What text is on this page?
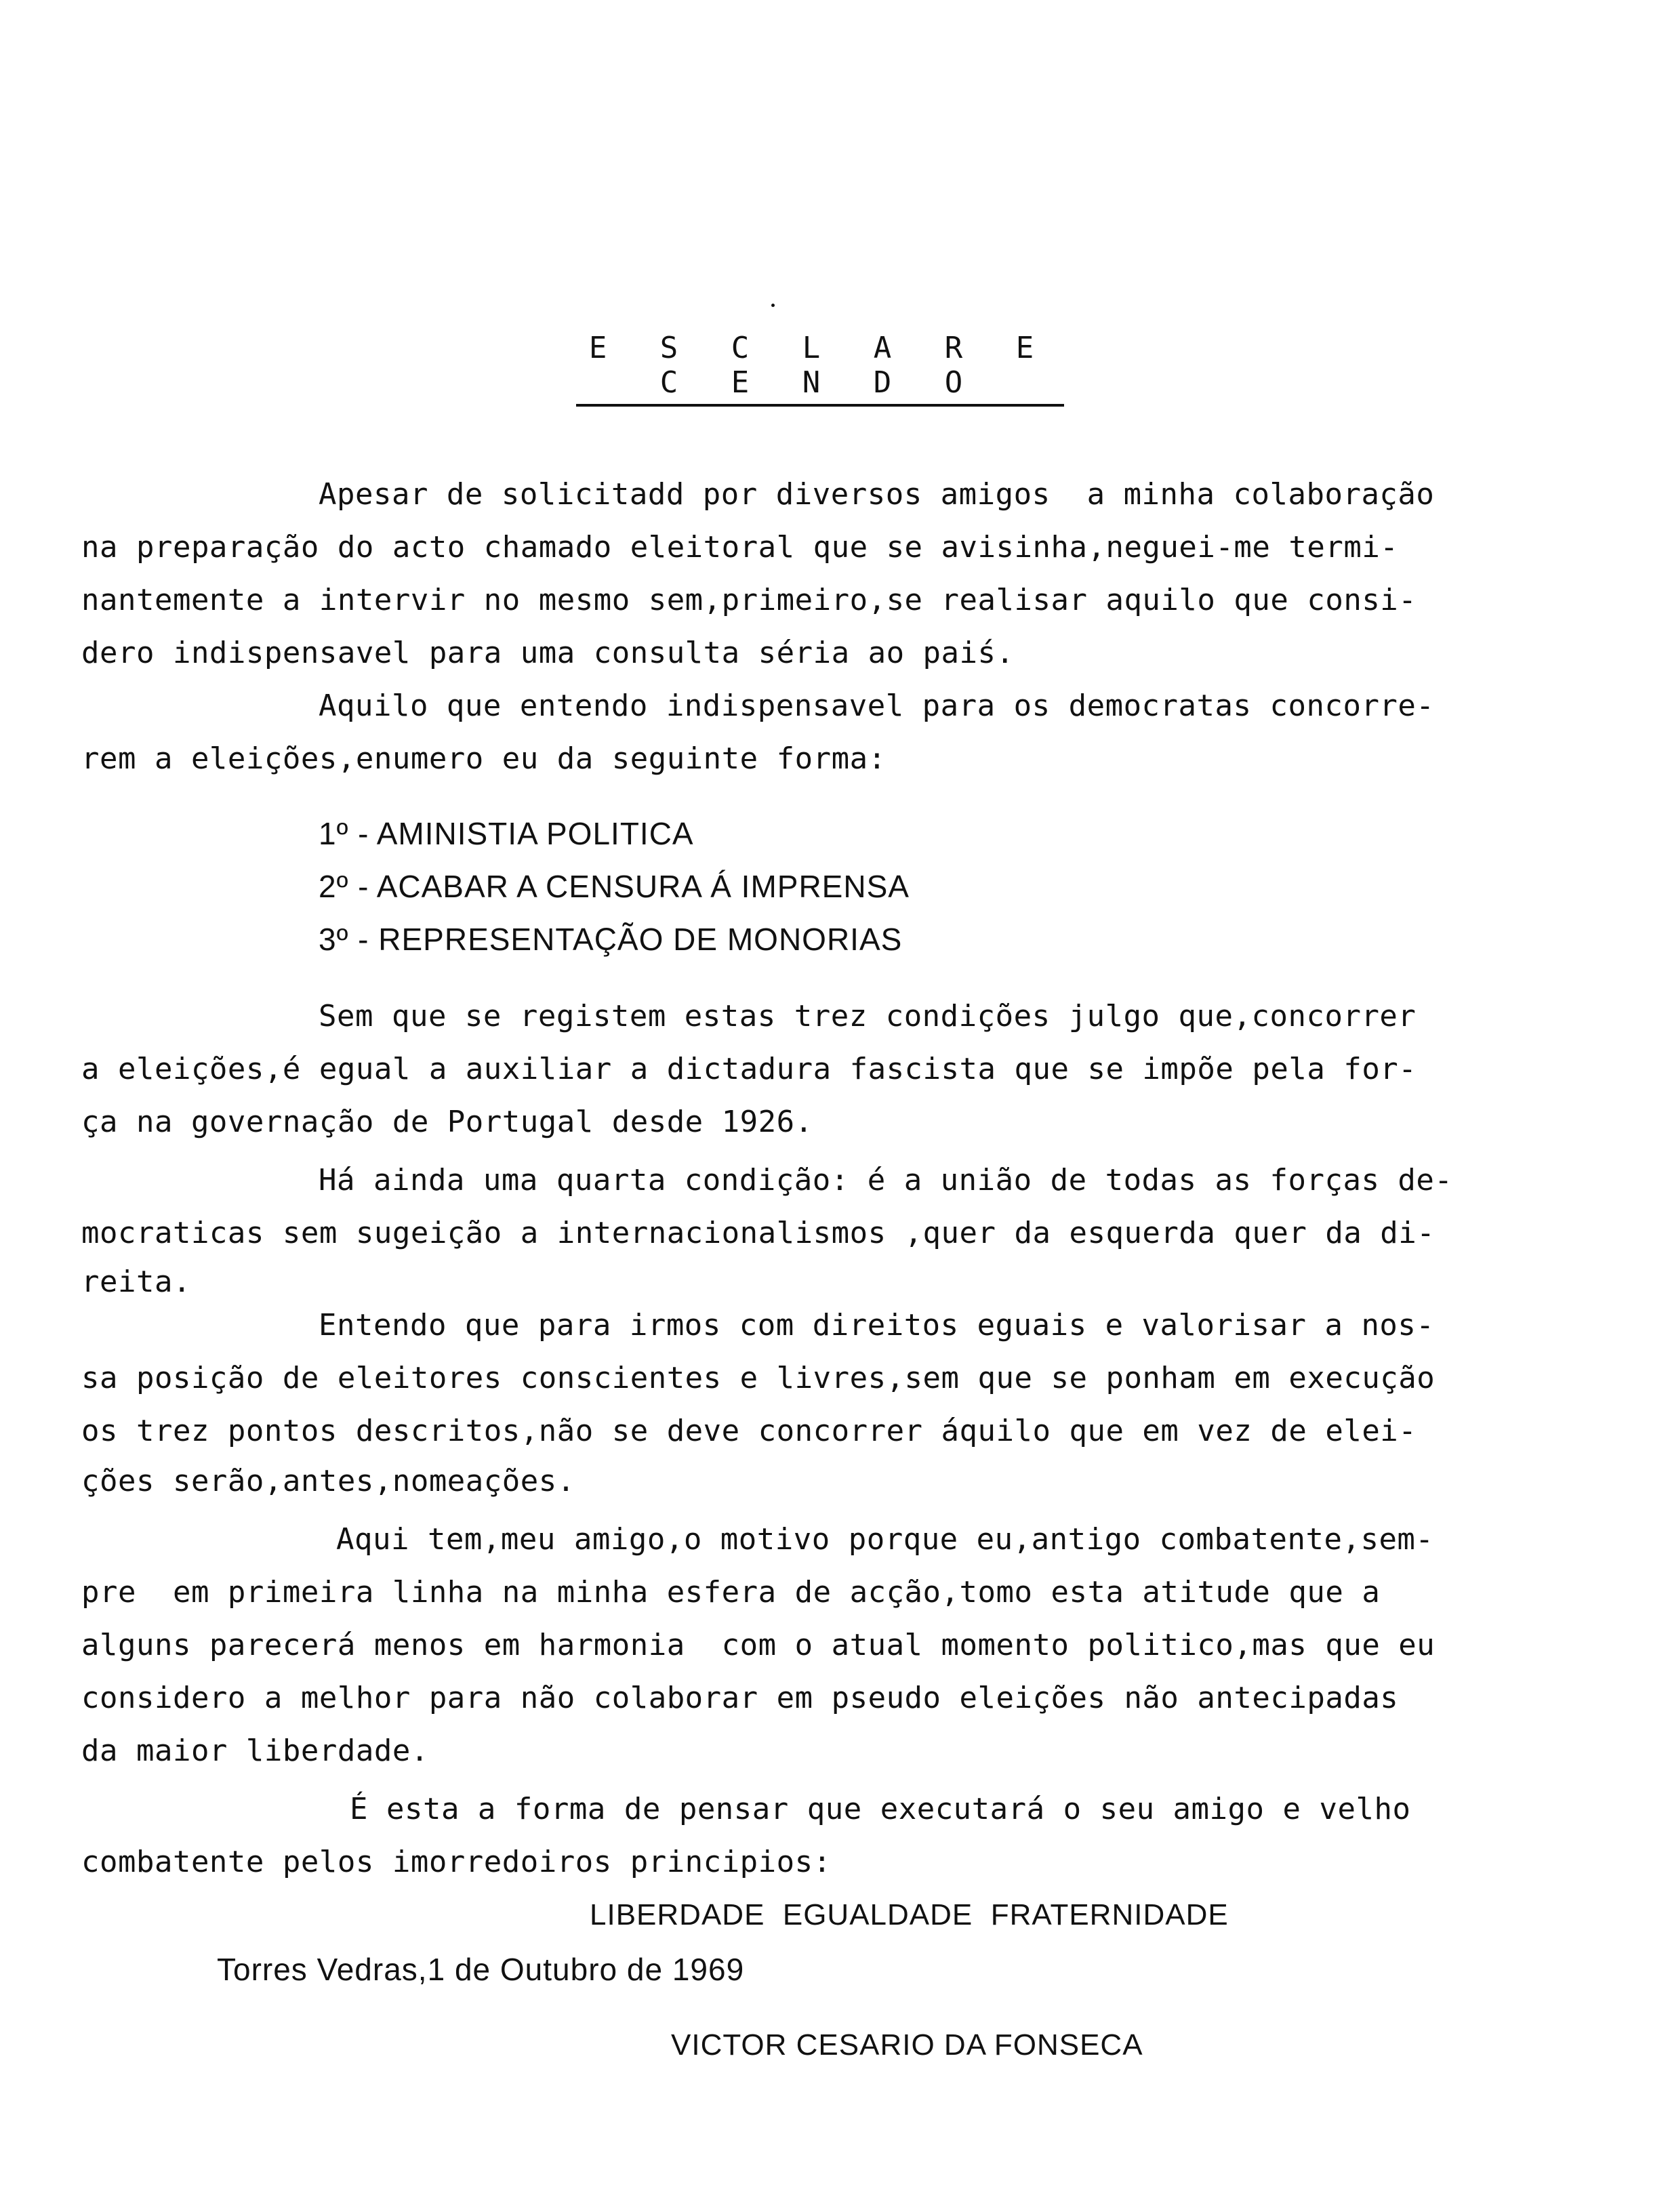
E S C L A R E C E N D O
Apesar de solicitadd por diversos amigos  a minha colaboração
na preparação do acto chamado eleitoral que se avisinha,neguei-me termi-
nantemente a intervir no mesmo sem,primeiro,se realisar aquilo que consi-
dero indispensavel para uma consulta séria ao paiś.
Aquilo que entendo indispensavel para os democratas concorre-
rem a eleições,enumero eu da seguinte forma:
1º - AMINISTIA POLITICA
2º - ACABAR A CENSURA Á IMPRENSA
3º - REPRESENTAÇÃO DE MONORIAS
Sem que se registem estas trez condições julgo que,concorrer
a eleições,é egual a auxiliar a dictadura fascista que se impõe pela for-
ça na governação de Portugal desde 1926.
Há ainda uma quarta condição: é a união de todas as forças de-
mocraticas sem sugeição a internacionalismos ,quer da esquerda quer da di-
reita.
Entendo que para irmos com direitos eguais e valorisar a nos-
sa posição de eleitores conscientes e livres,sem que se ponham em execução
os trez pontos descritos,não se deve concorrer áquilo que em vez de elei-
ções serão,antes,nomeações.
Aqui tem,meu amigo,o motivo porque eu,antigo combatente,sem-
pre  em primeira linha na minha esfera de acção,tomo esta atitude que a
alguns parecerá menos em harmonia  com o atual momento politico,mas que eu
considero a melhor para não colaborar em pseudo eleições não antecipadas
da maior liberdade.
É esta a forma de pensar que executará o seu amigo e velho
combatente pelos imorredoiros principios:
LIBERDADE  EGUALDADE  FRATERNIDADE
Torres Vedras,1 de Outubro de 1969
VICTOR CESARIO DA FONSECA
